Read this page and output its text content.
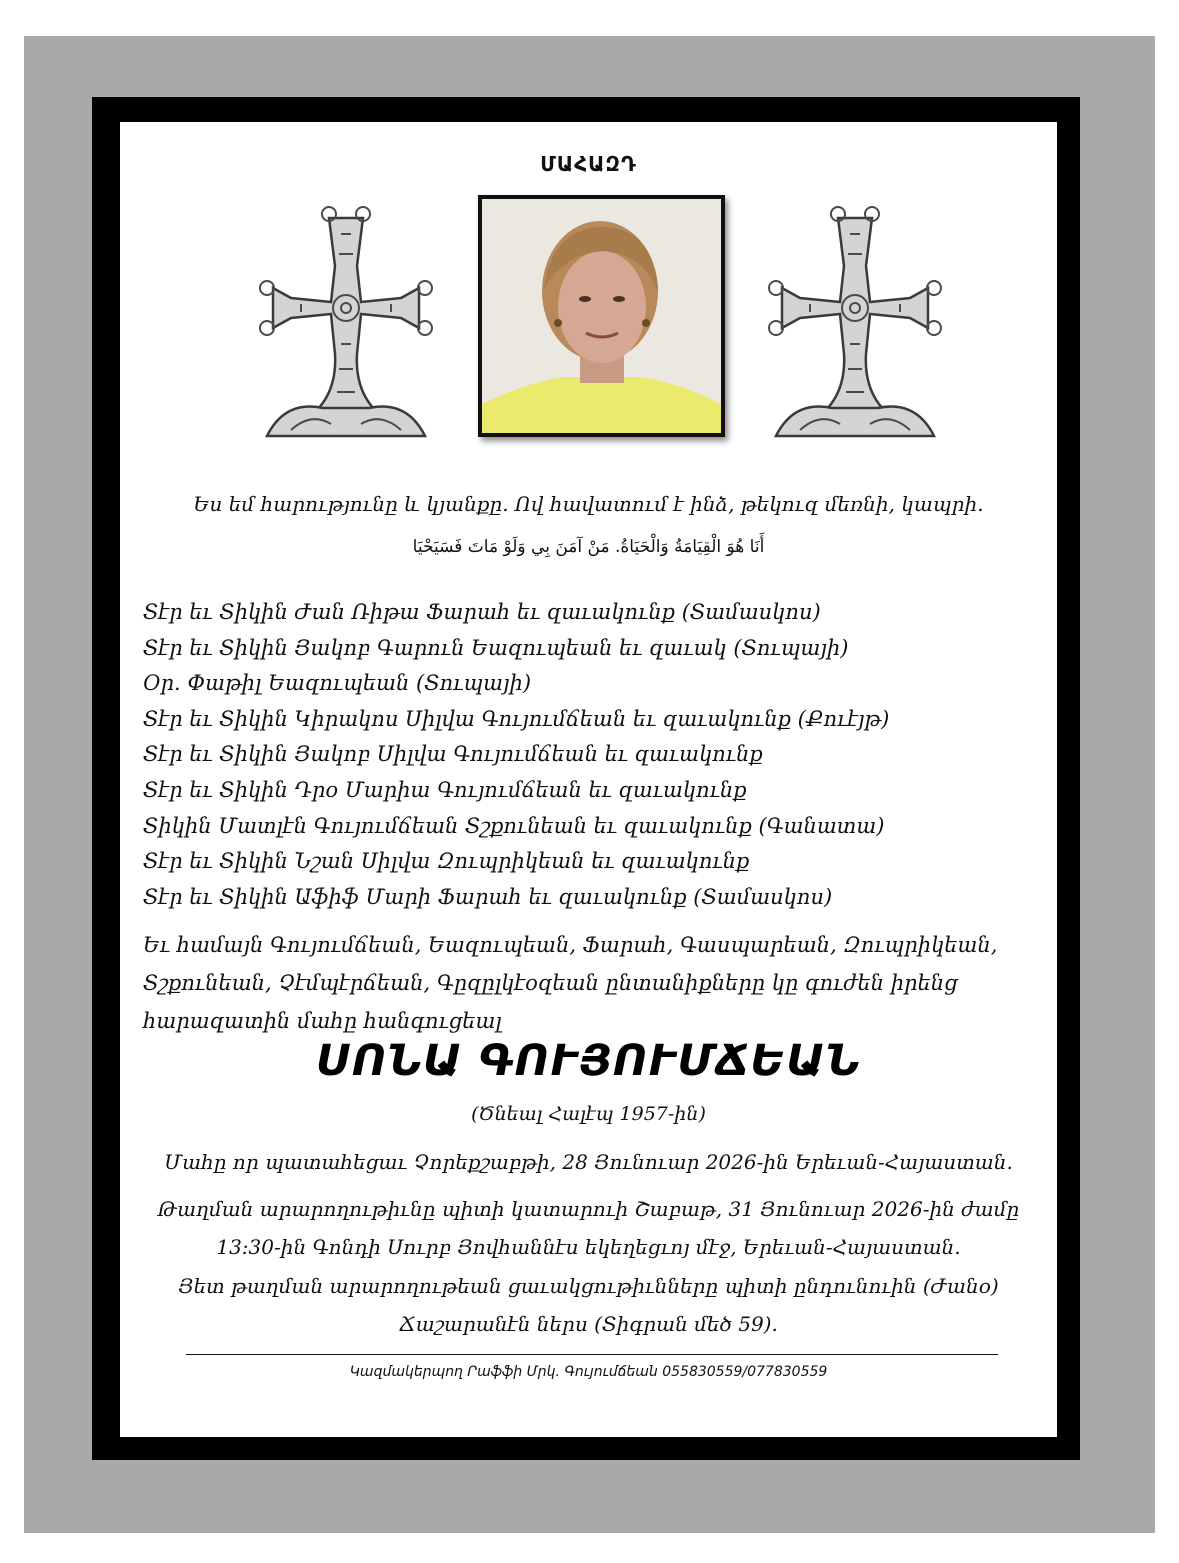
ՄԱՀԱԶԴ
Ես եմ հարությունը և կյանքը. Ով հավատում է ինձ, թեկուզ մեռնի, կապրի.
أَنَا هُوَ الْقِيَامَةُ وَالْحَيَاةُ. مَنْ آمَنَ بِي وَلَوْ مَاتَ فَسَيَحْيَا
Տէր եւ Տիկին Ժան Ռիթա Ֆարահ եւ զաւակունք (Տամասկոս)
Տէր եւ Տիկին Յակոբ Գարուն Եազուպեան եւ զաւակ (Տուպայի)
Օր. Փաթիլ Եազուպեան (Տուպայի)
Տէր եւ Տիկին Կիրակոս Սիլվա Գույումճեան եւ զաւակունք (Քուէյթ)
Տէր եւ Տիկին Յակոբ Սիլվա Գույումճեան եւ զաւակունք
Տէր եւ Տիկին Դրօ Մարիա Գույումճեան եւ զաւակունք
Տիկին Մատլէն Գույումճեան Տշքունեան եւ զաւակունք (Գանատա)
Տէր եւ Տիկին Նշան Սիլվա Զուպրիկեան եւ զաւակունք
Տէր եւ Տիկին Աֆիֆ Մարի Ֆարահ եւ զաւակունք (Տամասկոս)
Եւ համայն Գույումճեան, Եազուպեան, Ֆարահ, Գասպարեան, Զուպրիկեան,
Տշքունեան, Չէմպէրճեան, Գըզըլկէօզեան ընտանիքները կը գուժեն իրենց
հարազատին մահը հանգուցեալ
ՍՈՆԱ ԳՈՒՅՈՒՄՃԵԱՆ
(Ծնեալ Հալէպ 1957-ին)
Մահը որ պատահեցաւ Չորեքշաբթի, 28 Յունուար 2026-ին Երեւան-Հայաստան.
Թաղման արարողութիւնը պիտի կատարուի Շաբաթ, 31 Յունուար 2026-ին ժամը
13:30-ին Գոնդի Սուրբ Յովհաննէս եկեղեցւոյ մէջ, Երեւան-Հայաստան.
Յետ թաղման արարողութեան ցաւակցութիւնները պիտի ընդունուին (Ժանօ)
Ճաշարանէն ներս (Տիգրան մեծ 59).
Կազմակերպող Րաֆֆի Մրկ. Գույումճեան 055830559/077830559
